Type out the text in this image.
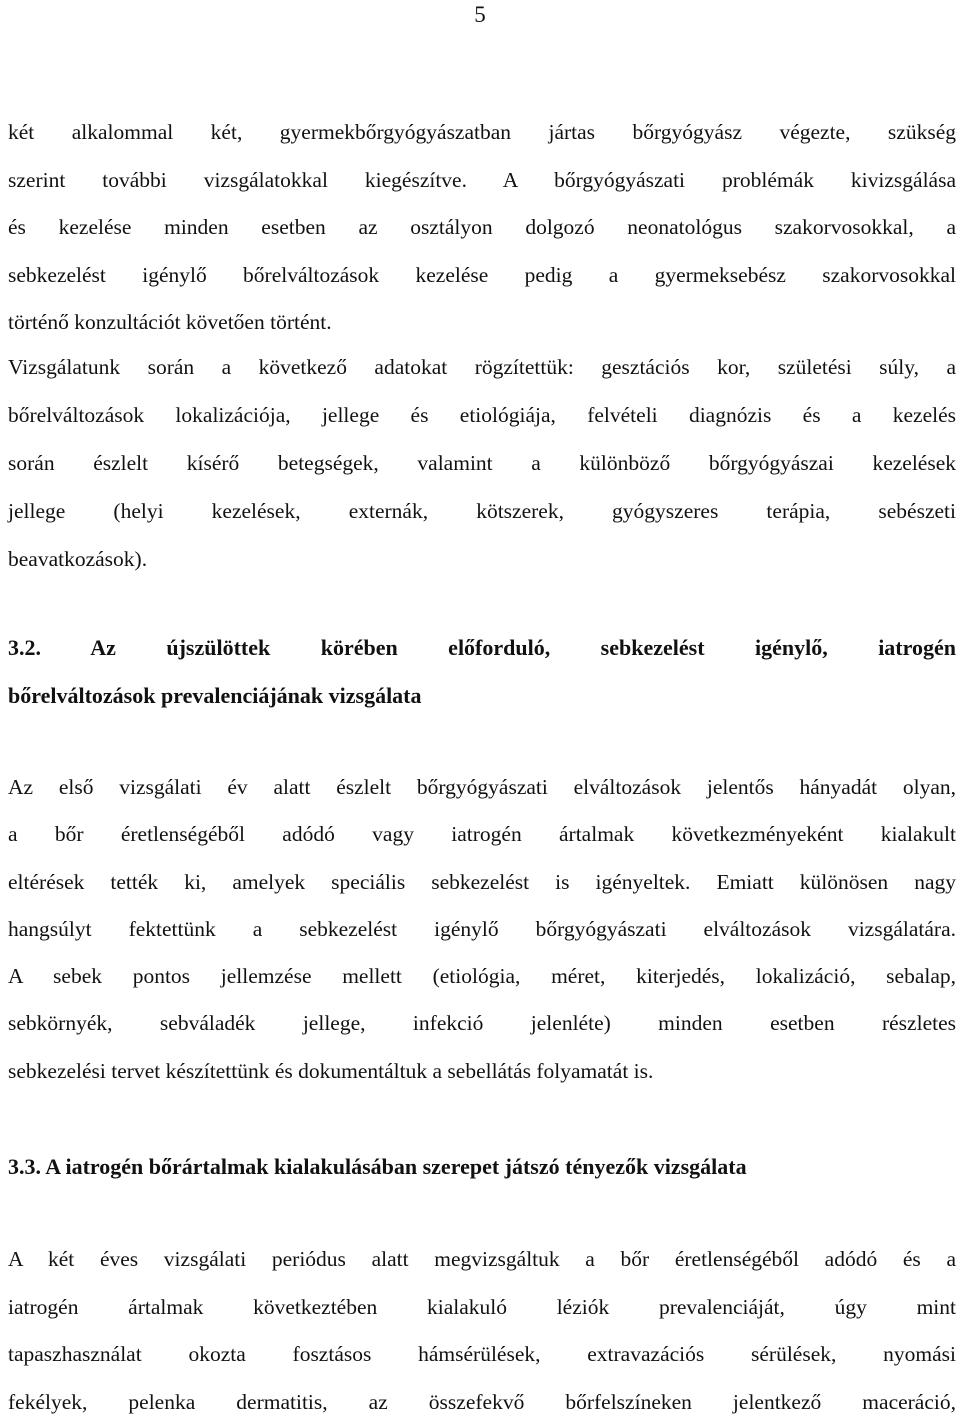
5
két alkalommal két, gyermekbőrgyógyászatban jártas bőrgyógyász végezte, szükség
szerint további vizsgálatokkal kiegészítve. A bőrgyógyászati problémák kivizsgálása
és kezelése minden esetben az osztályon dolgozó neonatológus szakorvosokkal, a
sebkezelést igénylő bőrelváltozások kezelése pedig a gyermeksebész szakorvosokkal
történő konzultációt követően történt.
Vizsgálatunk során a következő adatokat rögzítettük: gesztációs kor, születési súly, a
bőrelváltozások lokalizációja, jellege és etiológiája, felvételi diagnózis és a kezelés
során észlelt kísérő betegségek, valamint a különböző bőrgyógyászai kezelések
jellege (helyi kezelések, externák, kötszerek, gyógyszeres terápia, sebészeti
beavatkozások).
3.2. Az újszülöttek körében előforduló, sebkezelést igénylő, iatrogén
bőrelváltozások prevalenciájának vizsgálata
Az első vizsgálati év alatt észlelt bőrgyógyászati elváltozások jelentős hányadát olyan,
a bőr éretlenségéből adódó vagy iatrogén ártalmak következményeként kialakult
eltérések tették ki, amelyek speciális sebkezelést is igényeltek. Emiatt különösen nagy
hangsúlyt fektettünk a sebkezelést igénylő bőrgyógyászati elváltozások vizsgálatára.
A sebek pontos jellemzése mellett (etiológia, méret, kiterjedés, lokalizáció, sebalap,
sebkörnyék, sebváladék jellege, infekció jelenléte) minden esetben részletes
sebkezelési tervet készítettünk és dokumentáltuk a sebellátás folyamatát is.
3.3. A iatrogén bőrártalmak kialakulásában szerepet játszó tényezők vizsgálata
A két éves vizsgálati periódus alatt megvizsgáltuk a bőr éretlenségéből adódó és a
iatrogén ártalmak következtében kialakuló léziók prevalenciáját, úgy mint
tapaszhasználat okozta fosztásos hámsérülések, extravazációs sérülések, nyomási
fekélyek, pelenka dermatitis, az összefekvő bőrfelszíneken jelentkező maceráció,
